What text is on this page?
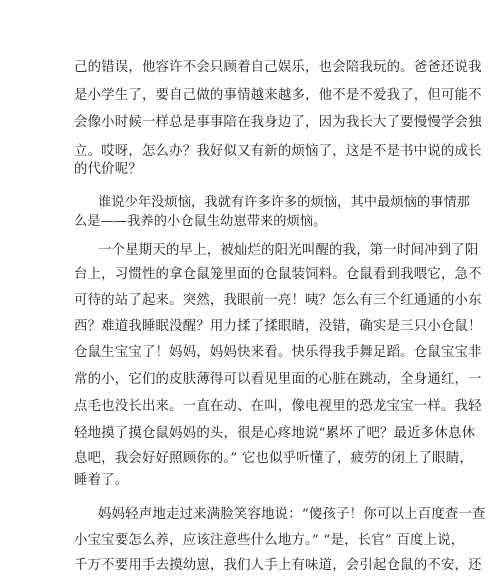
己的错误，他容许不会只顾着自己娱乐，也会陪我玩的。爸爸还说我
是小学生了，要自己做的事情越来越多，他不是不爱我了，但可能不
会像小时候一样总是事事陪在我身边了，因为我长大了要慢慢学会独
立。哎呀，怎么办？我好似又有新的烦恼了，这是不是书中说的成长
的代价呢？
谁说少年没烦恼，我就有许多许多的烦恼，其中最烦恼的事情那
么是——我养的小仓鼠生幼崽带来的烦恼。
一个星期天的早上，被灿烂的阳光叫醒的我，第一时间冲到了阳
台上，习惯性的拿仓鼠笼里面的仓鼠装饲料。仓鼠看到我喂它，急不
可待的站了起来。突然，我眼前一亮！咦？怎么有三个红通通的小东
西？难道我睡眠没醒？用力揉了揉眼睛，没错，确实是三只小仓鼠！
仓鼠生宝宝了！妈妈，妈妈快来看。快乐得我手舞足蹈。仓鼠宝宝非
常的小，它们的皮肤薄得可以看见里面的心脏在跳动，全身通红，一
点毛也没长出来。一直在动、在叫，像电视里的恐龙宝宝一样。我轻
轻地摸了摸仓鼠妈妈的头，很是心疼地说“累坏了吧？最近多休息休
息吧，我会好好照顾你的。” 它也似乎听懂了，疲劳的闭上了眼睛，
睡着了。
妈妈轻声地走过来满脸笑容地说：“傻孩子！你可以上百度查一查
小宝宝要怎么养，应该注意些什么地方。” “是，长官” 百度上说，
千万不要用手去摸幼崽，我们人手上有味道，会引起仓鼠的不安，还
